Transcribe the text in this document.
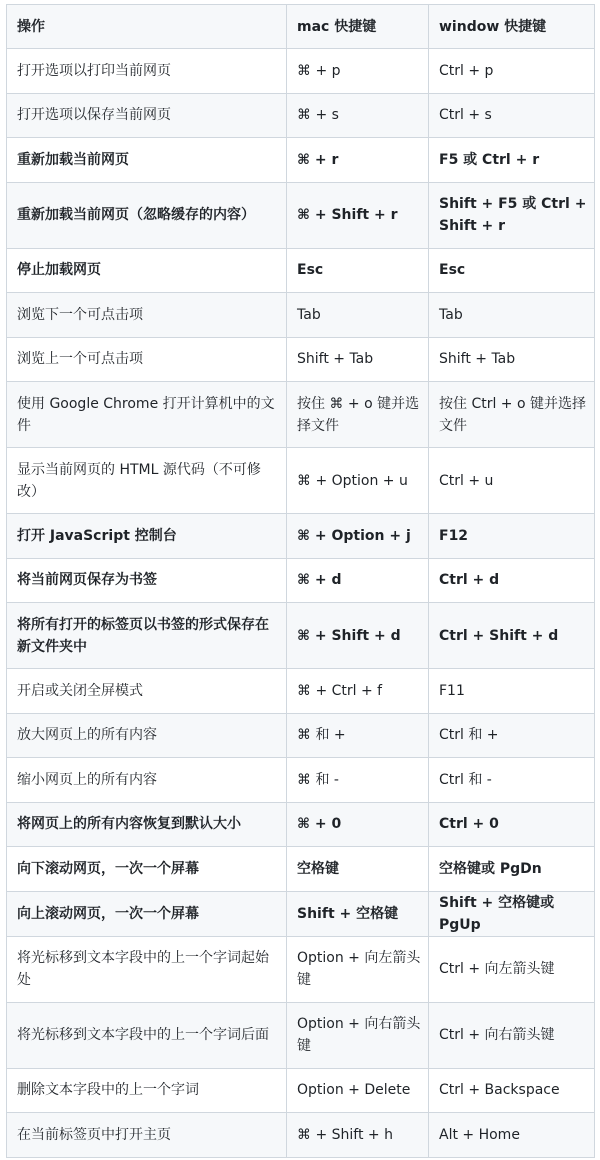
操作	mac 快捷键	window 快捷键
打开选项以打印当前网页	⌘ + p	Ctrl + p
打开选项以保存当前网页	⌘ + s	Ctrl + s
重新加载当前网页	⌘ + r	F5 或 Ctrl + r
重新加载当前网页（忽略缓存的内容）	⌘ + Shift + r	Shift + F5 或 Ctrl + Shift + r
停止加载网页	Esc	Esc
浏览下一个可点击项	Tab	Tab
浏览上一个可点击项	Shift + Tab	Shift + Tab
使用 Google Chrome 打开计算机中的文件	按住 ⌘ + o 键并选择文件	按住 Ctrl + o 键并选择文件
显示当前网页的 HTML 源代码（不可修改）	⌘ + Option + u	Ctrl + u
打开 JavaScript 控制台	⌘ + Option + j	F12
将当前网页保存为书签	⌘ + d	Ctrl + d
将所有打开的标签页以书签的形式保存在新文件夹中	⌘ + Shift + d	Ctrl + Shift + d
开启或关闭全屏模式	⌘ + Ctrl + f	F11
放大网页上的所有内容	⌘ 和 +	Ctrl 和 +
缩小网页上的所有内容	⌘ 和 -	Ctrl 和 -
将网页上的所有内容恢复到默认大小	⌘ + 0	Ctrl + 0
向下滚动网页，一次一个屏幕	空格键	空格键或 PgDn
向上滚动网页，一次一个屏幕	Shift + 空格键	Shift + 空格键或 PgUp
将光标移到文本字段中的上一个字词起始处	Option + 向左箭头键	Ctrl + 向左箭头键
将光标移到文本字段中的上一个字词后面	Option + 向右箭头键	Ctrl + 向右箭头键
删除文本字段中的上一个字词	Option + Delete	Ctrl + Backspace
在当前标签页中打开主页	⌘ + Shift + h	Alt + Home
